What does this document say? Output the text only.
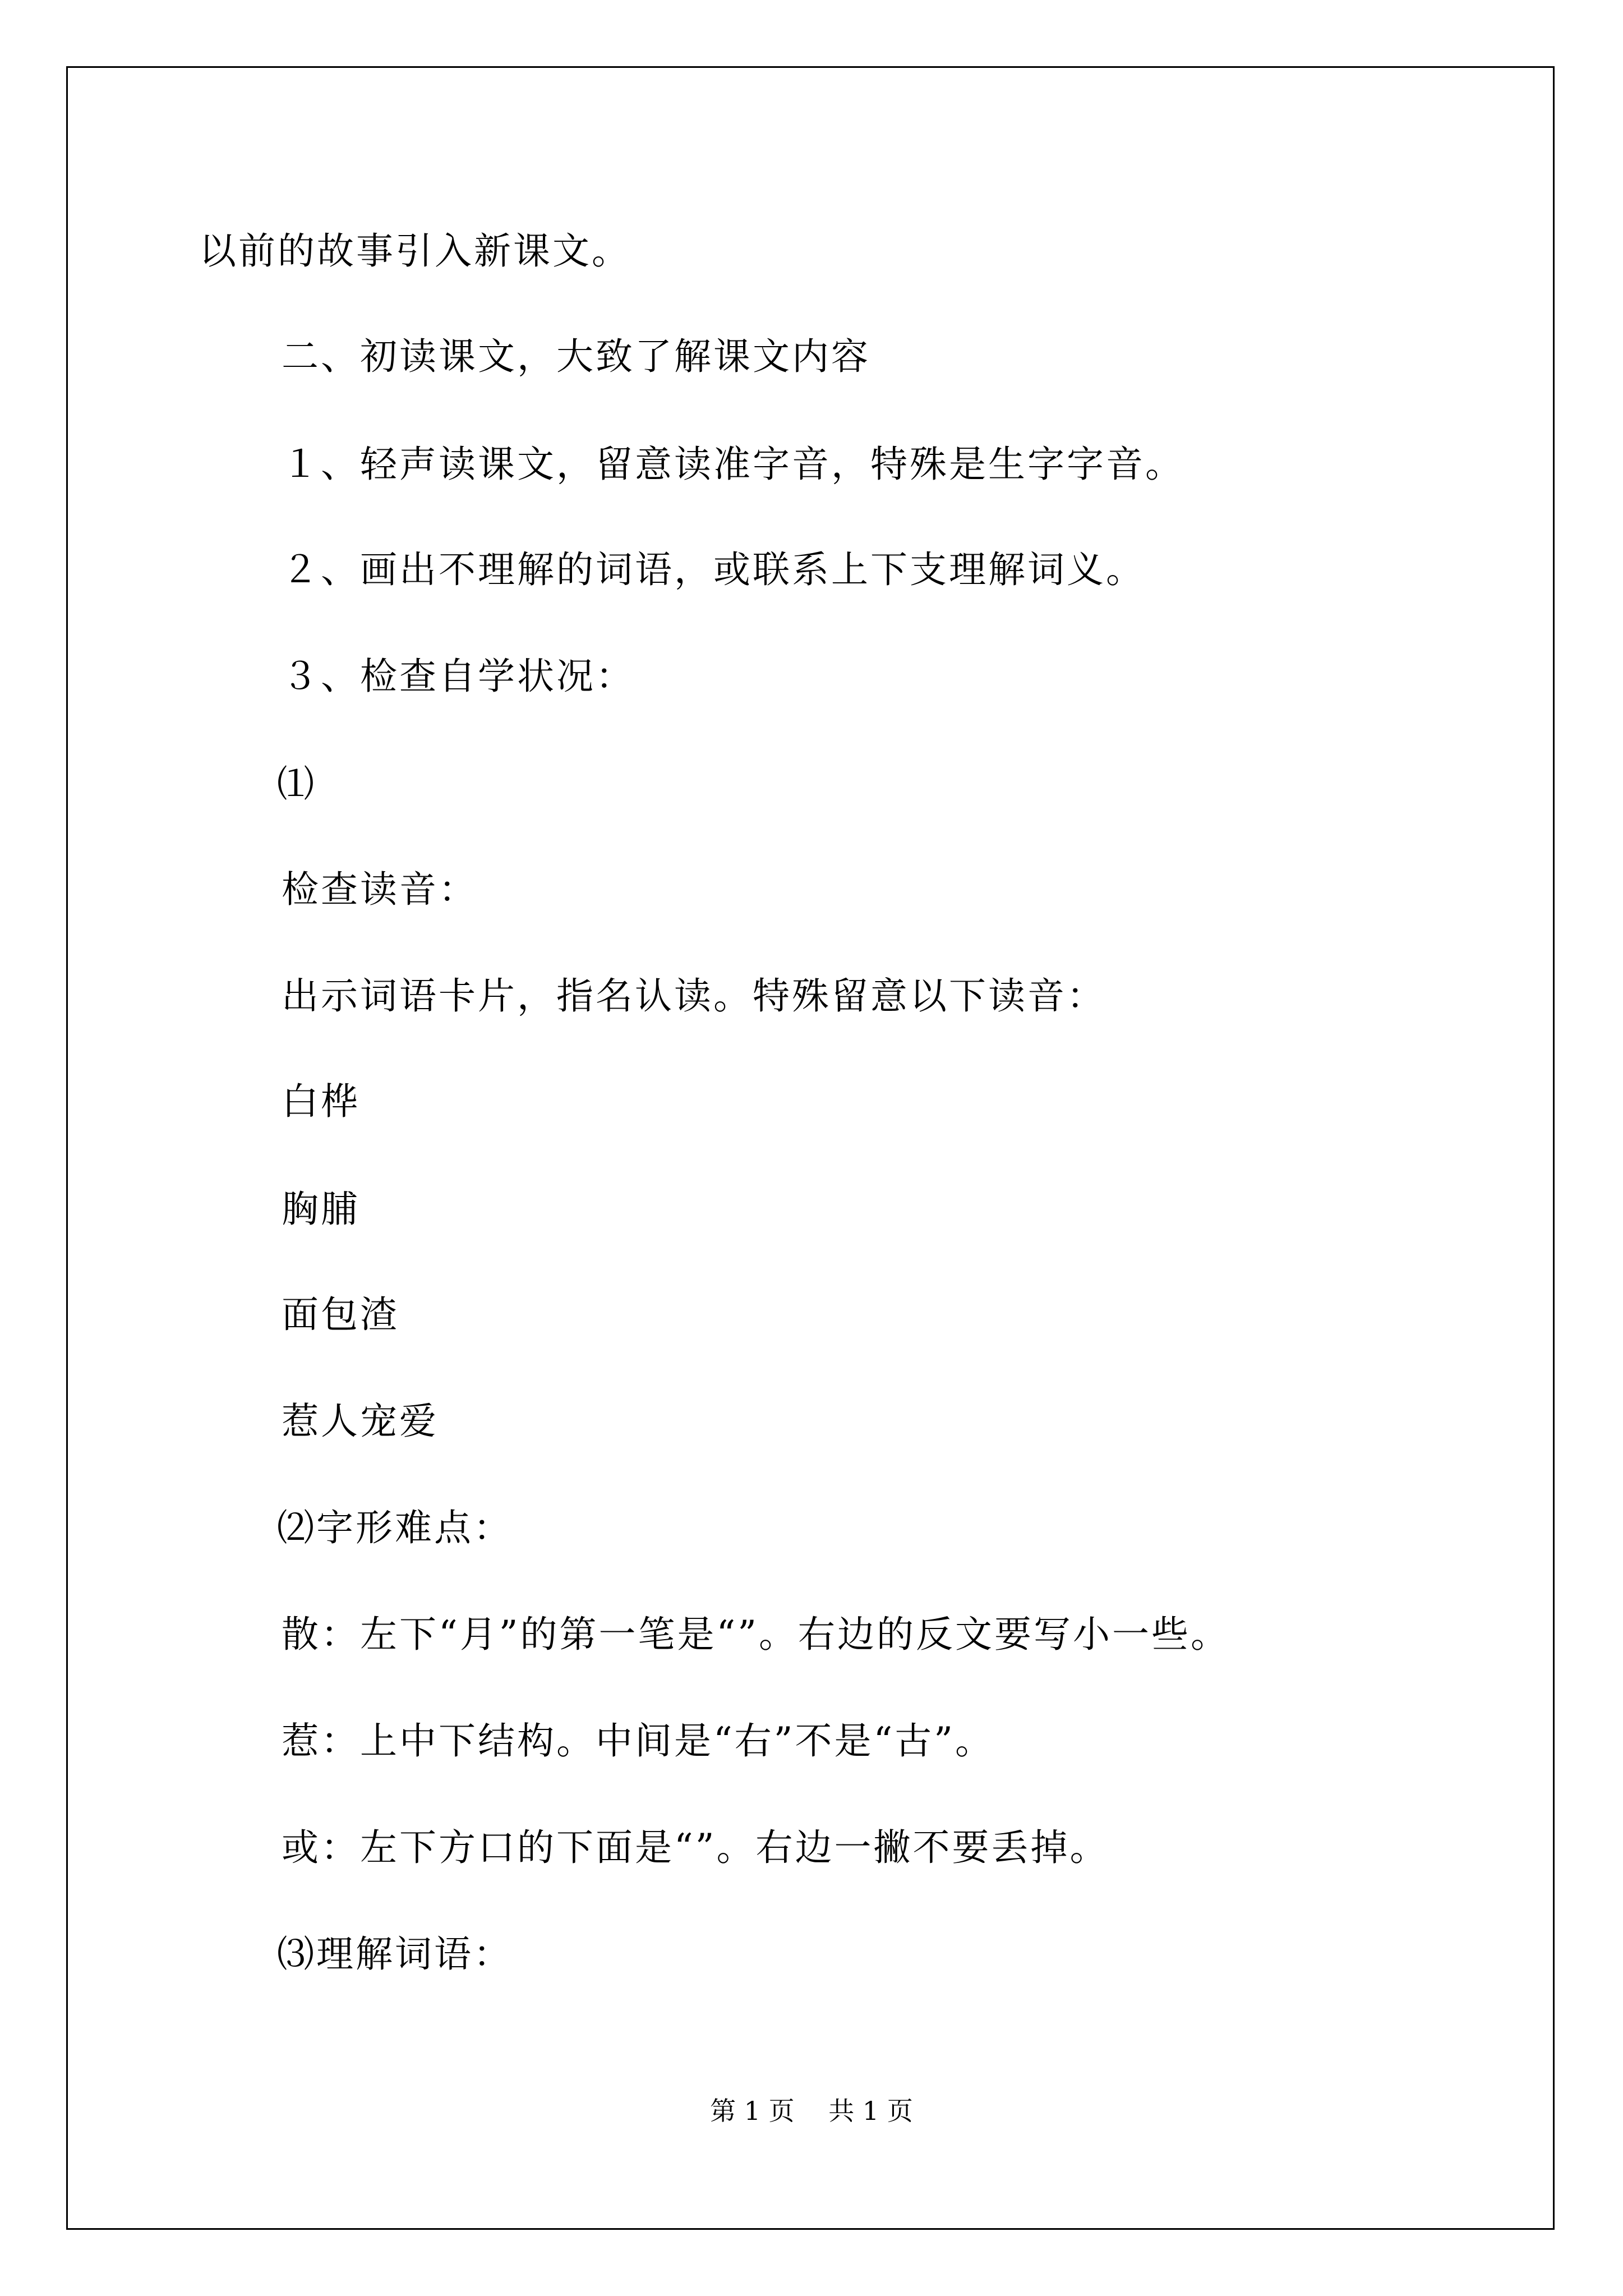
以前的故事引入新课文。
二、初读课文，大致了解课文内容
１、轻声读课文，留意读准字音，特殊是生字字音。
２、画出不理解的词语，或联系上下支理解词义。
３、检查自学状况：
⑴
检查读音：
出示词语卡片，指名认读。特殊留意以下读音：
白桦
胸脯
面包渣
惹人宠爱
⑵字形难点：
散：左下“月”的第一笔是“”。右边的反文要写小一些。
惹：上中下结构。中间是“右”不是“古”。
或：左下方口的下面是“”。右边一撇不要丢掉。
⑶理解词语：
第 1 页　 共 1 页
